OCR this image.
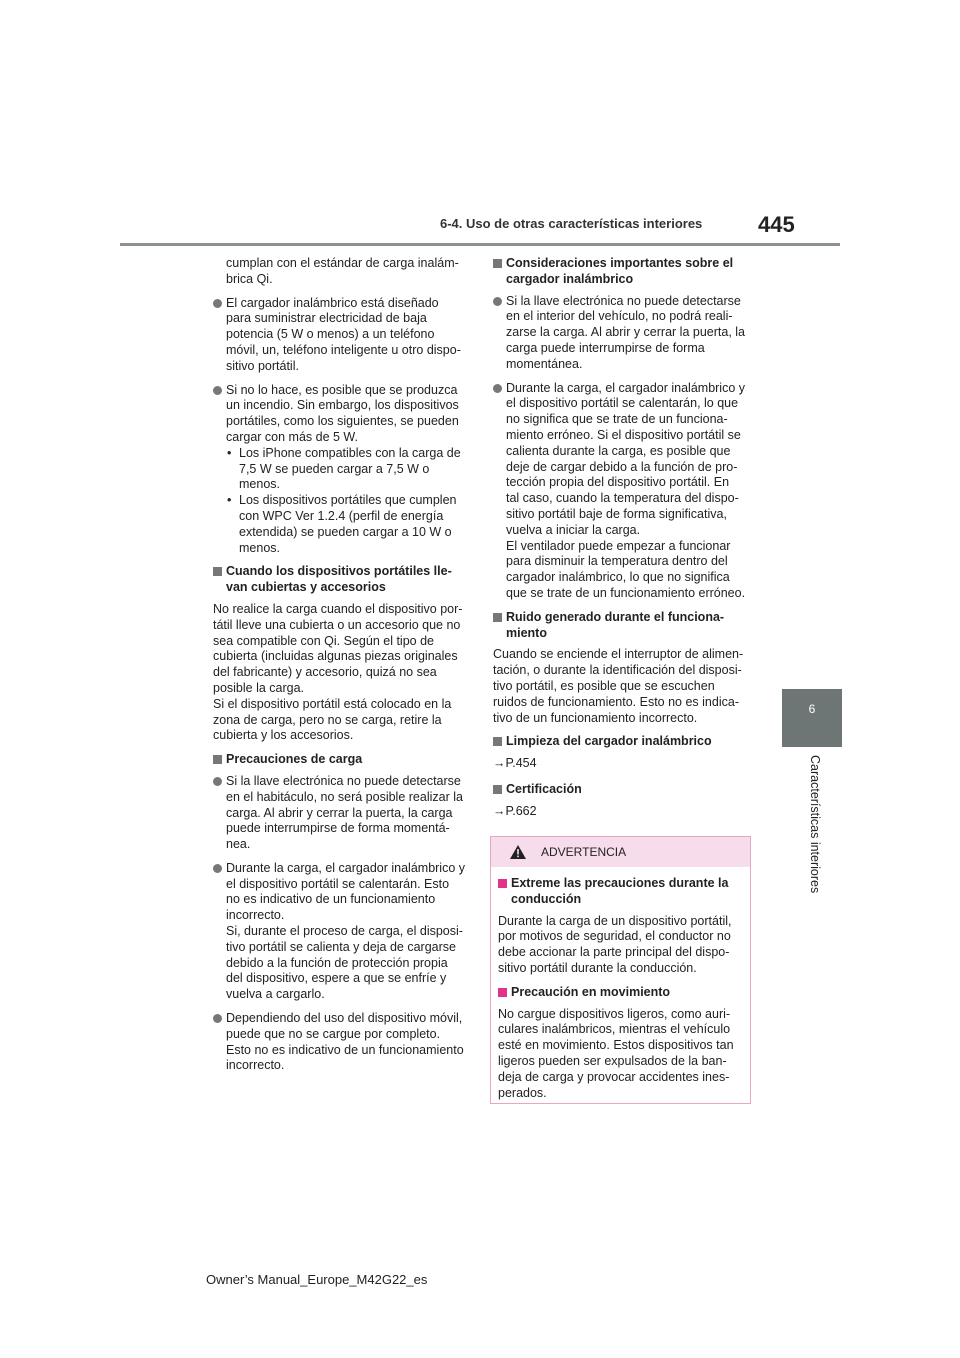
6-4. Uso de otras características interiores	445
6
Características interiores

cumplan con el estándar de carga inalám-
brica Qi.

El cargador inalámbrico está diseñado
para suministrar electricidad de baja
potencia (5 W o menos) a un teléfono
móvil, un, teléfono inteligente u otro dispo-
sitivo portátil.
Si no lo hace, es posible que se produzca
un incendio. Sin embargo, los dispositivos
portátiles, como los siguientes, se pueden
cargar con más de 5 W.
• Los iPhone compatibles con la carga de
7,5 W se pueden cargar a 7,5 W o menos.
• Los dispositivos portátiles que cumplen
con WPC Ver 1.2.4 (perfil de energía
extendida) se pueden cargar a 10 W o
menos.
Cuando los dispositivos portátiles lle-
van cubiertas y accesorios

No realice la carga cuando el dispositivo por-
tátil lleve una cubierta o un accesorio que no
sea compatible con Qi. Según el tipo de
cubierta (incluidas algunas piezas originales
del fabricante) y accesorio, quizá no sea
posible la carga.
Si el dispositivo portátil está colocado en la
zona de carga, pero no se carga, retire la
cubierta y los accesorios.

Precauciones de carga
Si la llave electrónica no puede detectarse
en el habitáculo, no será posible realizar la
carga. Al abrir y cerrar la puerta, la carga
puede interrumpirse de forma momentá-
nea.
Durante la carga, el cargador inalámbrico y
el dispositivo portátil se calentarán. Esto
no es indicativo de un funcionamiento
incorrecto.
Si, durante el proceso de carga, el disposi-
tivo portátil se calienta y deja de cargarse
debido a la función de protección propia
del dispositivo, espere a que se enfríe y
vuelva a cargarlo.
Dependiendo del uso del dispositivo móvil,
puede que no se cargue por completo.
Esto no es indicativo de un funcionamiento
incorrecto.
Consideraciones importantes sobre el
cargador inalámbrico
Si la llave electrónica no puede detectarse
en el interior del vehículo, no podrá reali-
zarse la carga. Al abrir y cerrar la puerta, la
carga puede interrumpirse de forma
momentánea.
Durante la carga, el cargador inalámbrico y
el dispositivo portátil se calentarán, lo que
no significa que se trate de un funciona-
miento erróneo. Si el dispositivo portátil se
calienta durante la carga, es posible que
deje de cargar debido a la función de pro-
tección propia del dispositivo portátil. En
tal caso, cuando la temperatura del dispo-
sitivo portátil baje de forma significativa,
vuelva a iniciar la carga.
El ventilador puede empezar a funcionar
para disminuir la temperatura dentro del
cargador inalámbrico, lo que no significa
que se trate de un funcionamiento erróneo.
Ruido generado durante el funciona-
miento

Cuando se enciende el interruptor de alimen-
tación, o durante la identificación del disposi-
tivo portátil, es posible que se escuchen
ruidos de funcionamiento. Esto no es indica-
tivo de un funcionamiento incorrecto.

Limpieza del cargador inalámbrico

→P.454

Certificación

→P.662

ADVERTENCIA
Extreme las precauciones durante la
conducción

Durante la carga de un dispositivo portátil,
por motivos de seguridad, el conductor no
debe accionar la parte principal del dispo-
sitivo portátil durante la conducción.

Precaución en movimiento

No cargue dispositivos ligeros, como auri-
culares inalámbricos, mientras el vehículo
esté en movimiento. Estos dispositivos tan
ligeros pueden ser expulsados de la ban-
deja de carga y provocar accidentes ines-
perados.

Owner’s Manual_Europe_M42G22_es
